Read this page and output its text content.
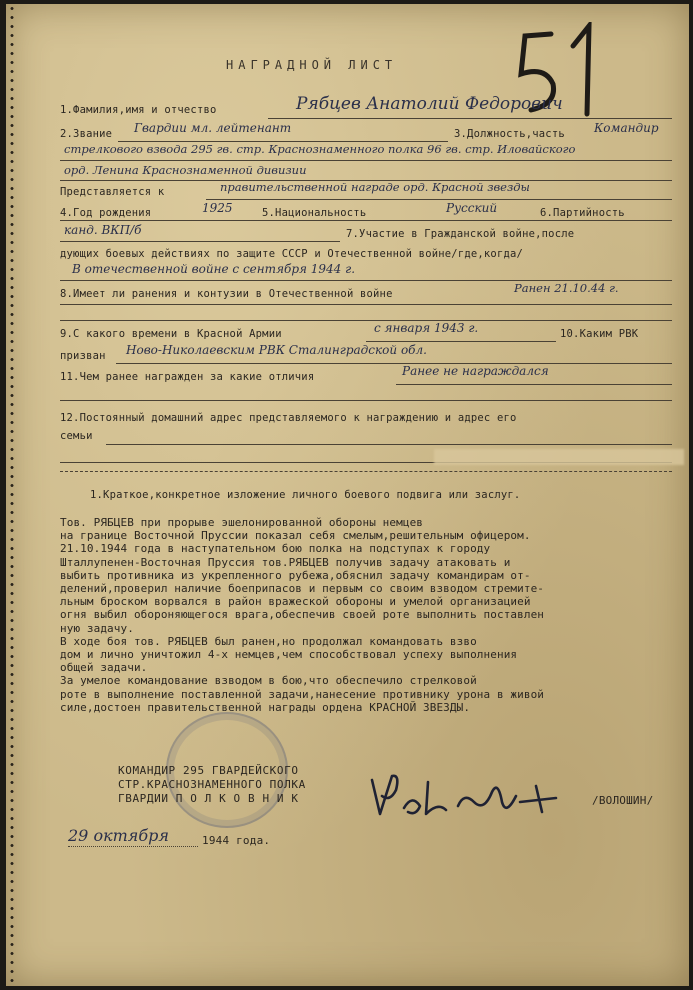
НАГРАДНОЙ ЛИСТ
1.Фамилия,имя и отчество	Рябцев Анатолий Федорович
2.Звание Гвардии мл. лейтенант	3.Должность,часть Командир
стрелкового взвода 295 гв. стр. Краснознаменного полка 96 гв. стр. Иловайского
орд. Ленина Краснознаменной дивизии
Представляется к	правительственной награде орд. Красной звезды
4.Год рождения	1925	5.Национальность	Русский	6.Партийность
канд. ВКП/б	7.Участие в Гражданской войне,после
дующих боевых действиях по защите СССР и Отечественной войне/где,когда/
В отечественной войне с сентября 1944 г.
8.Имеет ли ранения и контузии в Отечественной войне	Ранен 21.10.44 г.
9.С какого времени в Красной Армии	с января 1943 г.	10.Каким РВК
призван Ново-Николаевским РВК Сталинградской обл.
11.Чем ранее награжден за какие отличия	Ранее не награждался
12.Постоянный домашний адрес представляемого к награждению и адрес его
семьи
1.Краткое,конкретное изложение личного боевого подвига или заслуг.
Тов. РЯБЦЕВ при прорыве эшелонированной обороны немцев
на границе Восточной Пруссии показал себя смелым,решительным офицером.
21.10.1944 года в наступательном бою полка на подступах к городу
Шталлупенен-Восточная Пруссия тов.РЯБЦЕВ получив задачу атаковать и
выбить противника из укрепленного рубежа,обяснил задачу командирам от-
делений,проверил наличие боеприпасов и первым со своим взводом стремите-
льным броском ворвался в район вражеской обороны и умелой организацией
огня выбил обороняющегося врага,обеспечив своей роте выполнить поставлен
ную задачу.
В ходе боя тов. РЯБЦЕВ был ранен,но продолжал командовать взво
дом и лично уничтожил 4-х немцев,чем способствовал успеху выполнения
общей задачи.
За умелое командование взводом в бою,что обеспечило стрелковой
роте в выполнение поставленной задачи,нанесение противнику урона в живой
силе,достоен правительственной награды ордена КРАСНОЙ ЗВЕЗДЫ.
КОМАНДИР 295 ГВАРДЕЙСКОГО
СТР.КРАСНОЗНАМЕННОГО ПОЛКА
ГВАРДИИ П О Л К О В Н И К	/ВОЛОШИН/
29 октября	1944 года.
